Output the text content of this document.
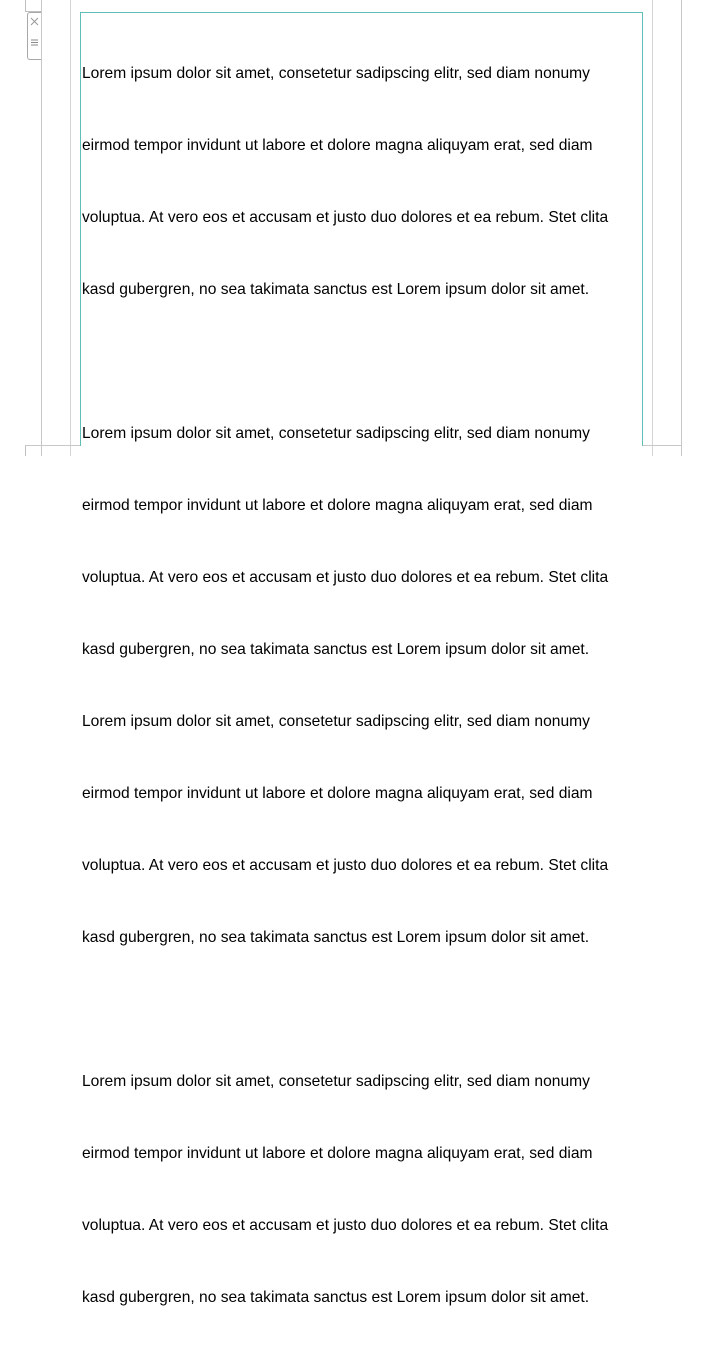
Lorem ipsum dolor sit amet, consetetur sadipscing elitr, sed diam nonumy

eirmod tempor invidunt ut labore et dolore magna aliquyam erat, sed diam

voluptua. At vero eos et accusam et justo duo dolores et ea rebum. Stet clita

kasd gubergren, no sea takimata sanctus est Lorem ipsum dolor sit amet.

Lorem ipsum dolor sit amet, consetetur sadipscing elitr, sed diam nonumy

eirmod tempor invidunt ut labore et dolore magna aliquyam erat, sed diam

voluptua. At vero eos et accusam et justo duo dolores et ea rebum. Stet clita

kasd gubergren, no sea takimata sanctus est Lorem ipsum dolor sit amet.

Lorem ipsum dolor sit amet, consetetur sadipscing elitr, sed diam nonumy

eirmod tempor invidunt ut labore et dolore magna aliquyam erat, sed diam

voluptua. At vero eos et accusam et justo duo dolores et ea rebum. Stet clita

kasd gubergren, no sea takimata sanctus est Lorem ipsum dolor sit amet.

Lorem ipsum dolor sit amet, consetetur sadipscing elitr, sed diam nonumy

eirmod tempor invidunt ut labore et dolore magna aliquyam erat, sed diam

voluptua. At vero eos et accusam et justo duo dolores et ea rebum. Stet clita

kasd gubergren, no sea takimata sanctus est Lorem ipsum dolor sit amet.
